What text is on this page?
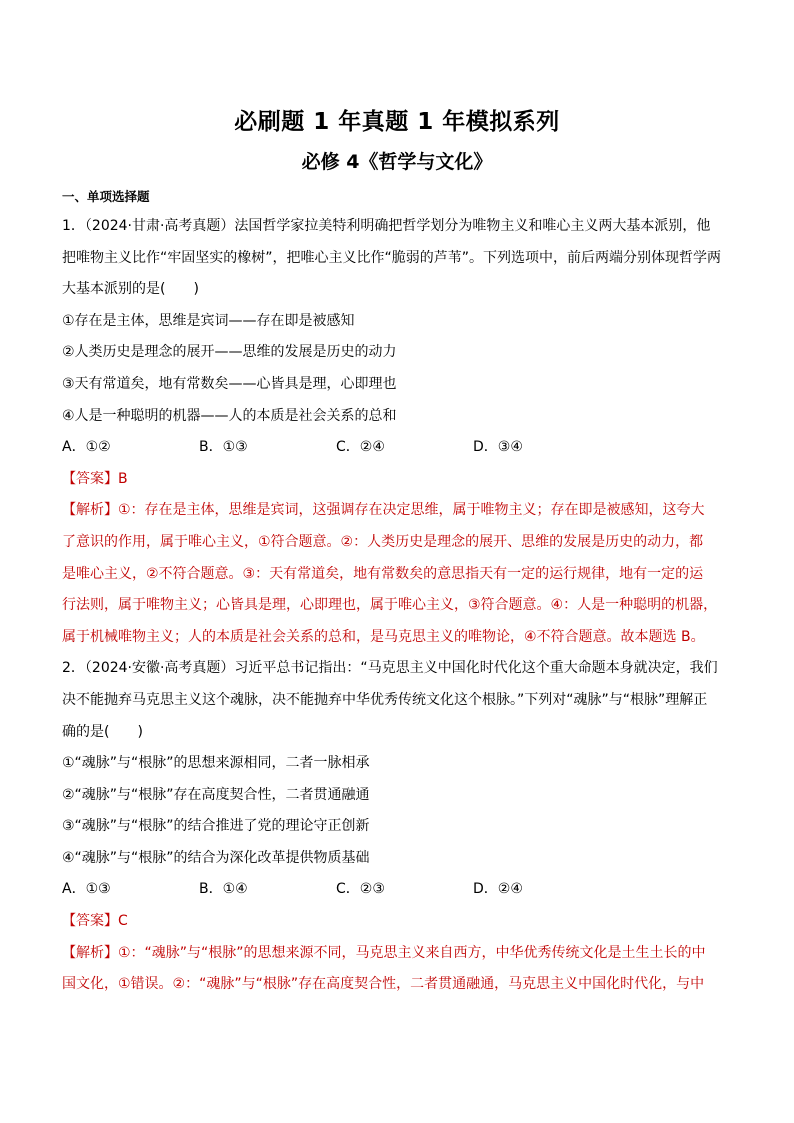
必刷题 1 年真题 1 年模拟系列
必修 4《哲学与文化》
一、单项选择题
1．（2024·甘肃·高考真题）法国哲学家拉美特利明确把哲学划分为唯物主义和唯心主义两大基本派别，他
把唯物主义比作“牢固坚实的橡树”，把唯心主义比作“脆弱的芦苇”。下列选项中，前后两端分别体现哲学两
大基本派别的是(　　)
①存在是主体，思维是宾词——存在即是被感知
②人类历史是理念的展开——思维的发展是历史的动力
③天有常道矣，地有常数矣——心皆具是理，心即理也
④人是一种聪明的机器——人的本质是社会关系的总和
A．①②	B．①③	C．②④	D．③④
【答案】B
【解析】①：存在是主体，思维是宾词，这强调存在决定思维，属于唯物主义；存在即是被感知，这夸大
了意识的作用，属于唯心主义，①符合题意。②：人类历史是理念的展开、思维的发展是历史的动力，都
是唯心主义，②不符合题意。③：天有常道矣，地有常数矣的意思指天有一定的运行规律，地有一定的运
行法则，属于唯物主义；心皆具是理，心即理也，属于唯心主义，③符合题意。④：人是一种聪明的机器，
属于机械唯物主义；人的本质是社会关系的总和，是马克思主义的唯物论，④不符合题意。故本题选 B。
2．（2024·安徽·高考真题）习近平总书记指出：“马克思主义中国化时代化这个重大命题本身就决定，我们
决不能抛弃马克思主义这个魂脉，决不能抛弃中华优秀传统文化这个根脉。”下列对“魂脉”与“根脉”理解正
确的是(　　)
①“魂脉”与“根脉”的思想来源相同，二者一脉相承
②“魂脉”与“根脉”存在高度契合性，二者贯通融通
③“魂脉”与“根脉”的结合推进了党的理论守正创新
④“魂脉”与“根脉”的结合为深化改革提供物质基础
A．①③	B．①④	C．②③	D．②④
【答案】C
【解析】①：“魂脉”与“根脉”的思想来源不同，马克思主义来自西方，中华优秀传统文化是土生土长的中
国文化，①错误。②：“魂脉”与“根脉”存在高度契合性，二者贯通融通，马克思主义中国化时代化，与中
